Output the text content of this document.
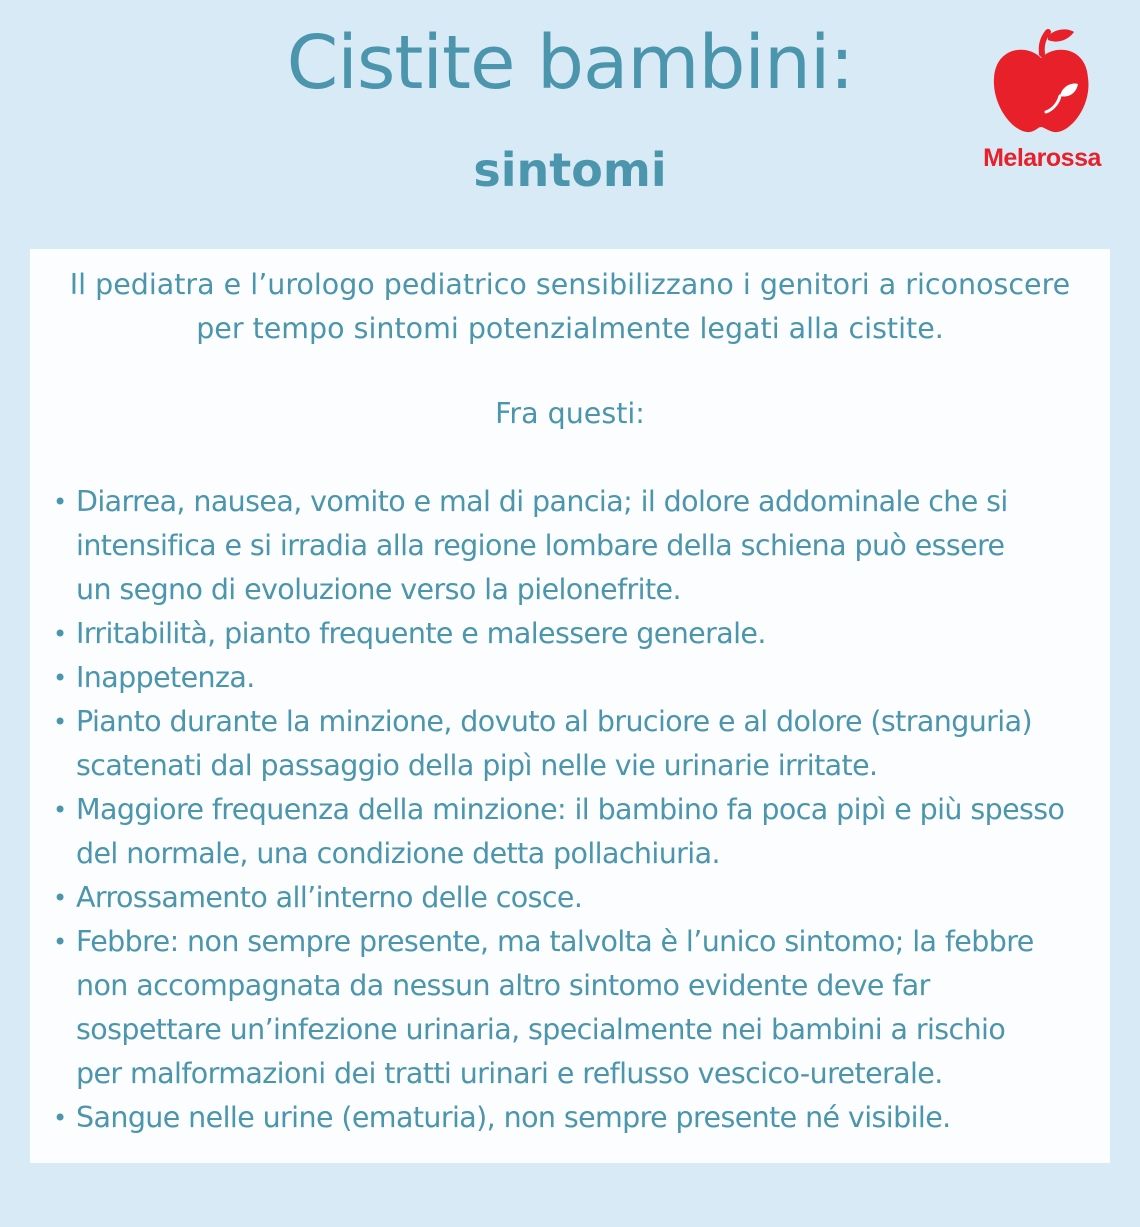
Cistite bambini:
sintomi	Melarossa

Il pediatra e l’urologo pediatrico sensibilizzano i genitori a riconoscere
per tempo sintomi potenzialmente legati alla cistite.

Fra questi:

• Diarrea, nausea, vomito e mal di pancia; il dolore addominale che si
intensifica e si irradia alla regione lombare della schiena può essere
un segno di evoluzione verso la pielonefrite.
• Irritabilità, pianto frequente e malessere generale.
• Inappetenza.
• Pianto durante la minzione, dovuto al bruciore e al dolore (stranguria)
scatenati dal passaggio della pipì nelle vie urinarie irritate.
• Maggiore frequenza della minzione: il bambino fa poca pipì e più spesso
del normale, una condizione detta pollachiuria.
• Arrossamento all’interno delle cosce.
• Febbre: non sempre presente, ma talvolta è l’unico sintomo; la febbre
non accompagnata da nessun altro sintomo evidente deve far
sospettare un’infezione urinaria, specialmente nei bambini a rischio
per malformazioni dei tratti urinari e reflusso vescico-ureterale.
• Sangue nelle urine (ematuria), non sempre presente né visibile.
